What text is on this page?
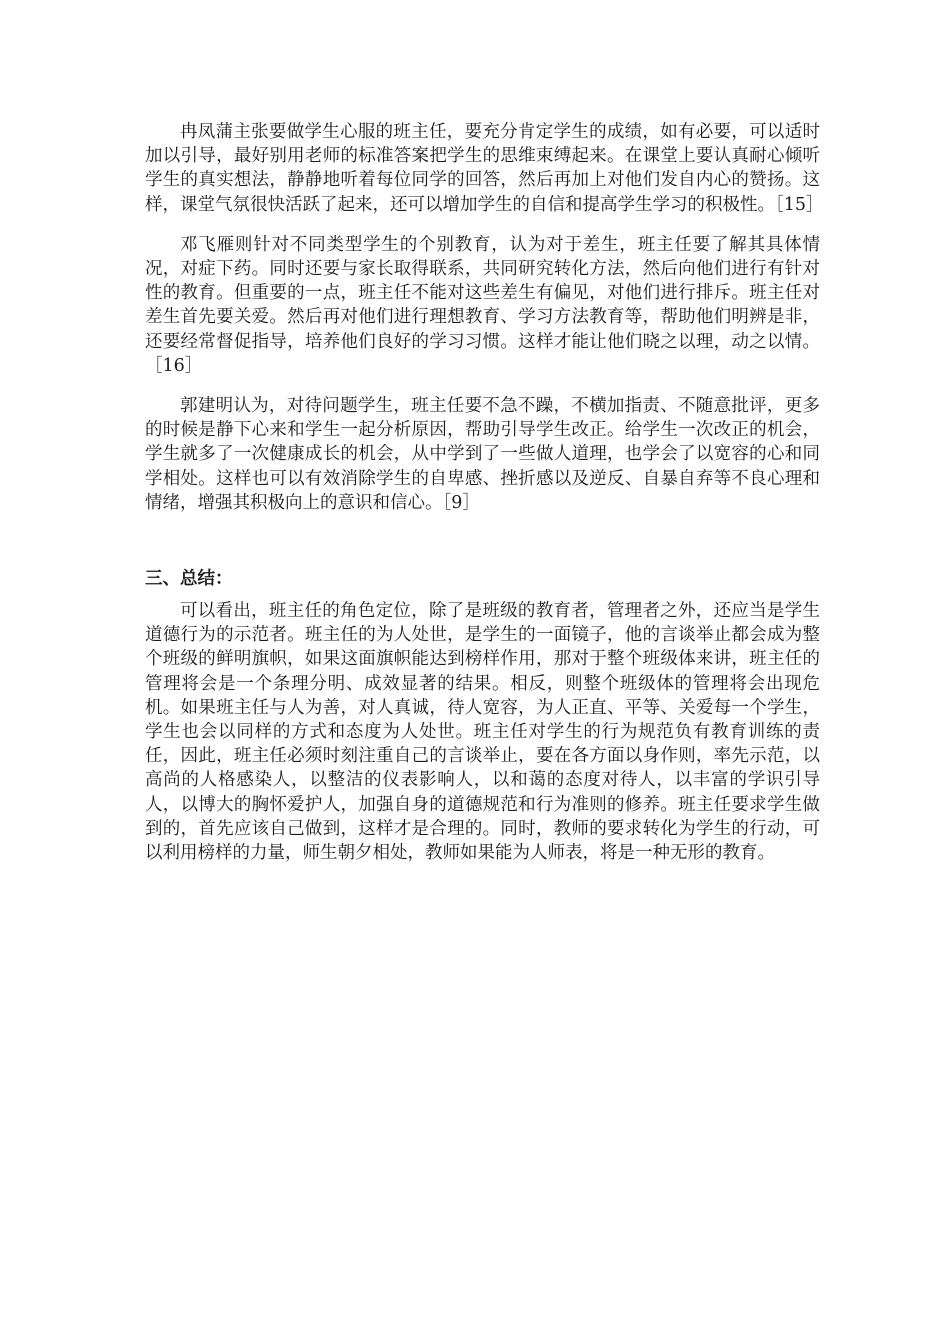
冉凤蒲主张要做学生心服的班主任，要充分肯定学生的成绩，如有必要，可以适时加以引导，最好别用老师的标准答案把学生的思维束缚起来。在课堂上要认真耐心倾听学生的真实想法，静静地听着每位同学的回答，然后再加上对他们发自内心的赞扬。这样，课堂气氛很快活跃了起来，还可以增加学生的自信和提高学生学习的积极性。［15］

邓飞雁则针对不同类型学生的个别教育，认为对于差生，班主任要了解其具体情况，对症下药。同时还要与家长取得联系，共同研究转化方法，然后向他们进行有针对性的教育。但重要的一点，班主任不能对这些差生有偏见，对他们进行排斥。班主任对差生首先要关爱。然后再对他们进行理想教育、学习方法教育等，帮助他们明辨是非，还要经常督促指导，培养他们良好的学习习惯。这样才能让他们晓之以理，动之以情。［16］

郭建明认为，对待问题学生，班主任要不急不躁，不横加指责、不随意批评，更多的时候是静下心来和学生一起分析原因，帮助引导学生改正。给学生一次改正的机会，学生就多了一次健康成长的机会，从中学到了一些做人道理，也学会了以宽容的心和同学相处。这样也可以有效消除学生的自卑感、挫折感以及逆反、自暴自弃等不良心理和情绪，增强其积极向上的意识和信心。［9］

三、总结：

可以看出，班主任的角色定位，除了是班级的教育者，管理者之外，还应当是学生道德行为的示范者。班主任的为人处世，是学生的一面镜子，他的言谈举止都会成为整个班级的鲜明旗帜，如果这面旗帜能达到榜样作用，那对于整个班级体来讲，班主任的管理将会是一个条理分明、成效显著的结果。相反，则整个班级体的管理将会出现危机。如果班主任与人为善，对人真诚，待人宽容，为人正直、平等、关爱每一个学生，学生也会以同样的方式和态度为人处世。班主任对学生的行为规范负有教育训练的责任，因此，班主任必须时刻注重自己的言谈举止，要在各方面以身作则，率先示范，以高尚的人格感染人，以整洁的仪表影响人，以和蔼的态度对待人，以丰富的学识引导人，以博大的胸怀爱护人，加强自身的道德规范和行为准则的修养。班主任要求学生做到的，首先应该自己做到，这样才是合理的。同时，教师的要求转化为学生的行动，可以利用榜样的力量，师生朝夕相处，教师如果能为人师表，将是一种无形的教育。
